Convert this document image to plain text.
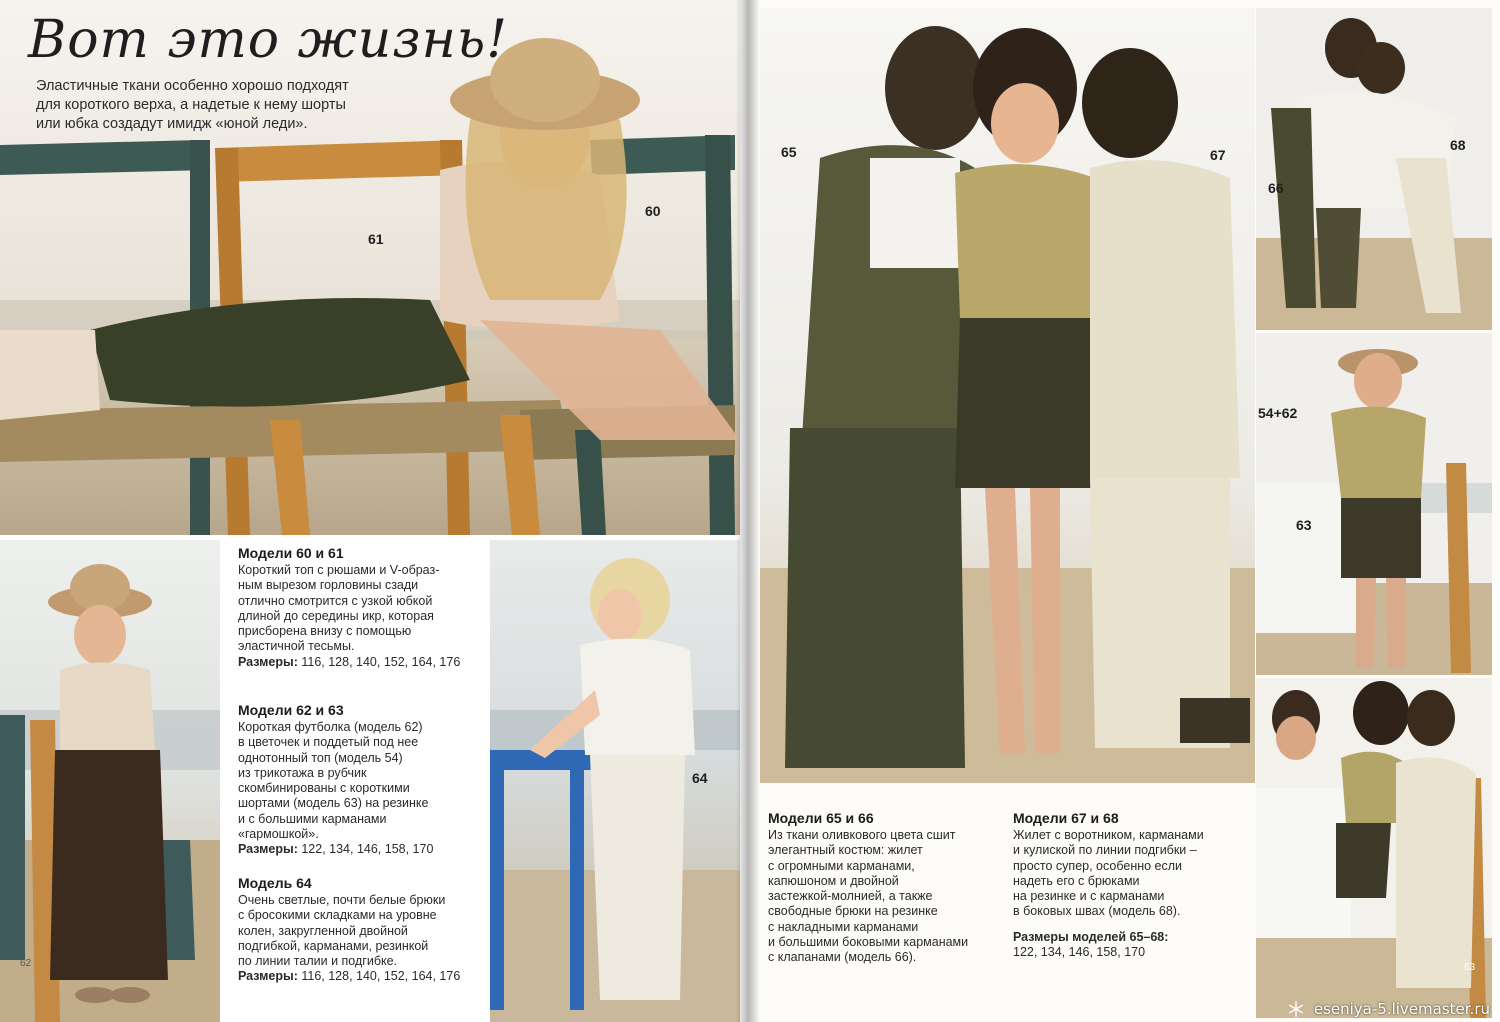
Вот это жизнь!
Эластичные ткани особенно хорошо подходят
для короткого верха, а надетые к нему шорты
или юбка создадут имидж «юной леди».
61
60
64
Модели 60 и 61

Короткий топ с рюшами и V-образ-
ным вырезом горловины сзади
отлично смотрится с узкой юбкой
длиной до середины икр, которая
присборена внизу с помощью
эластичной тесьмы.

Размеры: 116, 128, 140, 152, 164, 176
Модели 62 и 63

Короткая футболка (модель 62)
в цветочек и поддетый под нее
однотонный топ (модель 54)
из трикотажа в рубчик
скомбинированы с короткими
шортами (модель 63) на резинке
и с большими карманами
«гармошкой».

Размеры: 122, 134, 146, 158, 170
Модель 64

Очень светлые, почти белые брюки
с бросокими складками на уровне
колен, закругленной двойной
подгибкой, карманами, резинкой
по линии талии и подгибке.

Размеры: 116, 128, 140, 152, 164, 176
62
65	67
66
68
54+62
63
Модели 65 и 66

Из ткани оливкового цвета сшит
элегантный костюм: жилет
с огромными карманами,
капюшоном и двойной
застежкой-молнией, а также
свободные брюки на резинке
с накладными карманами
и большими боковыми карманами
с клапанами (модель 66).

Модели 67 и 68

Жилет с воротником, карманами
и кулиской по линии подгибки –
просто супер, особенно если
надеть его с брюками
на резинке и с карманами
в боковых швах (модель 68).

Размеры моделей 65–68:
122, 134, 146, 158, 170
63
eseniya-5.livemaster.ru
